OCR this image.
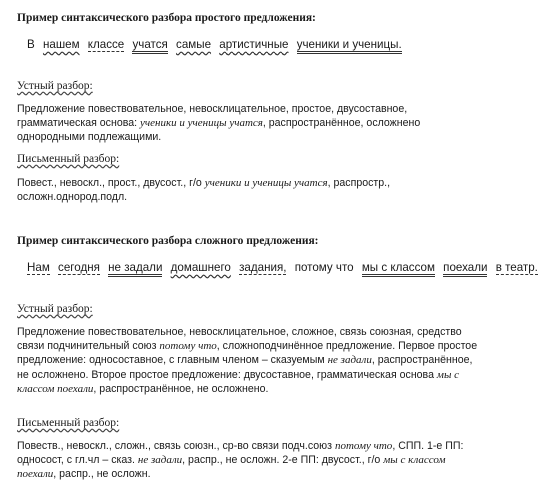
Пример синтаксического разбора простого предложения:
В нашем классе учатся самые артистичные ученики и ученицы.
Устный разбор:
Предложение повествовательное, невосклицательное, простое, двусоставное, грамматическая основа: ученики и ученицы учатся, распространённое, осложнено однородными подлежащими.
Письменный разбор:
Повест., невоскл., прост., двусост., г/о ученики и ученицы учатся, распростр., осложн.однород.подл.
Пример синтаксического разбора сложного предложения:
Нам сегодня не задали домашнего задания, потому что мы с классом поехали в театр.
Устный разбор:
Предложение повествовательное, невосклицательное, сложное, связь союзная, средство связи подчинительный союз потому что, сложноподчинённое предложение. Первое простое предложение: односоставное, с главным членом – сказуемым не задали, распространённое, не осложнено. Второе простое предложение: двусоставное, грамматическая основа мы с классом поехали, распространённое, не осложнено.
Письменный разбор:
Повеств., невоскл., сложн., связь союзн., ср-во связи подч.союз потому что, СПП. 1-е ПП: односост, с гл.чл – сказ. не задали, распр., не осложн. 2-е ПП: двусост., г/о мы с классом поехали, распр., не осложн.
